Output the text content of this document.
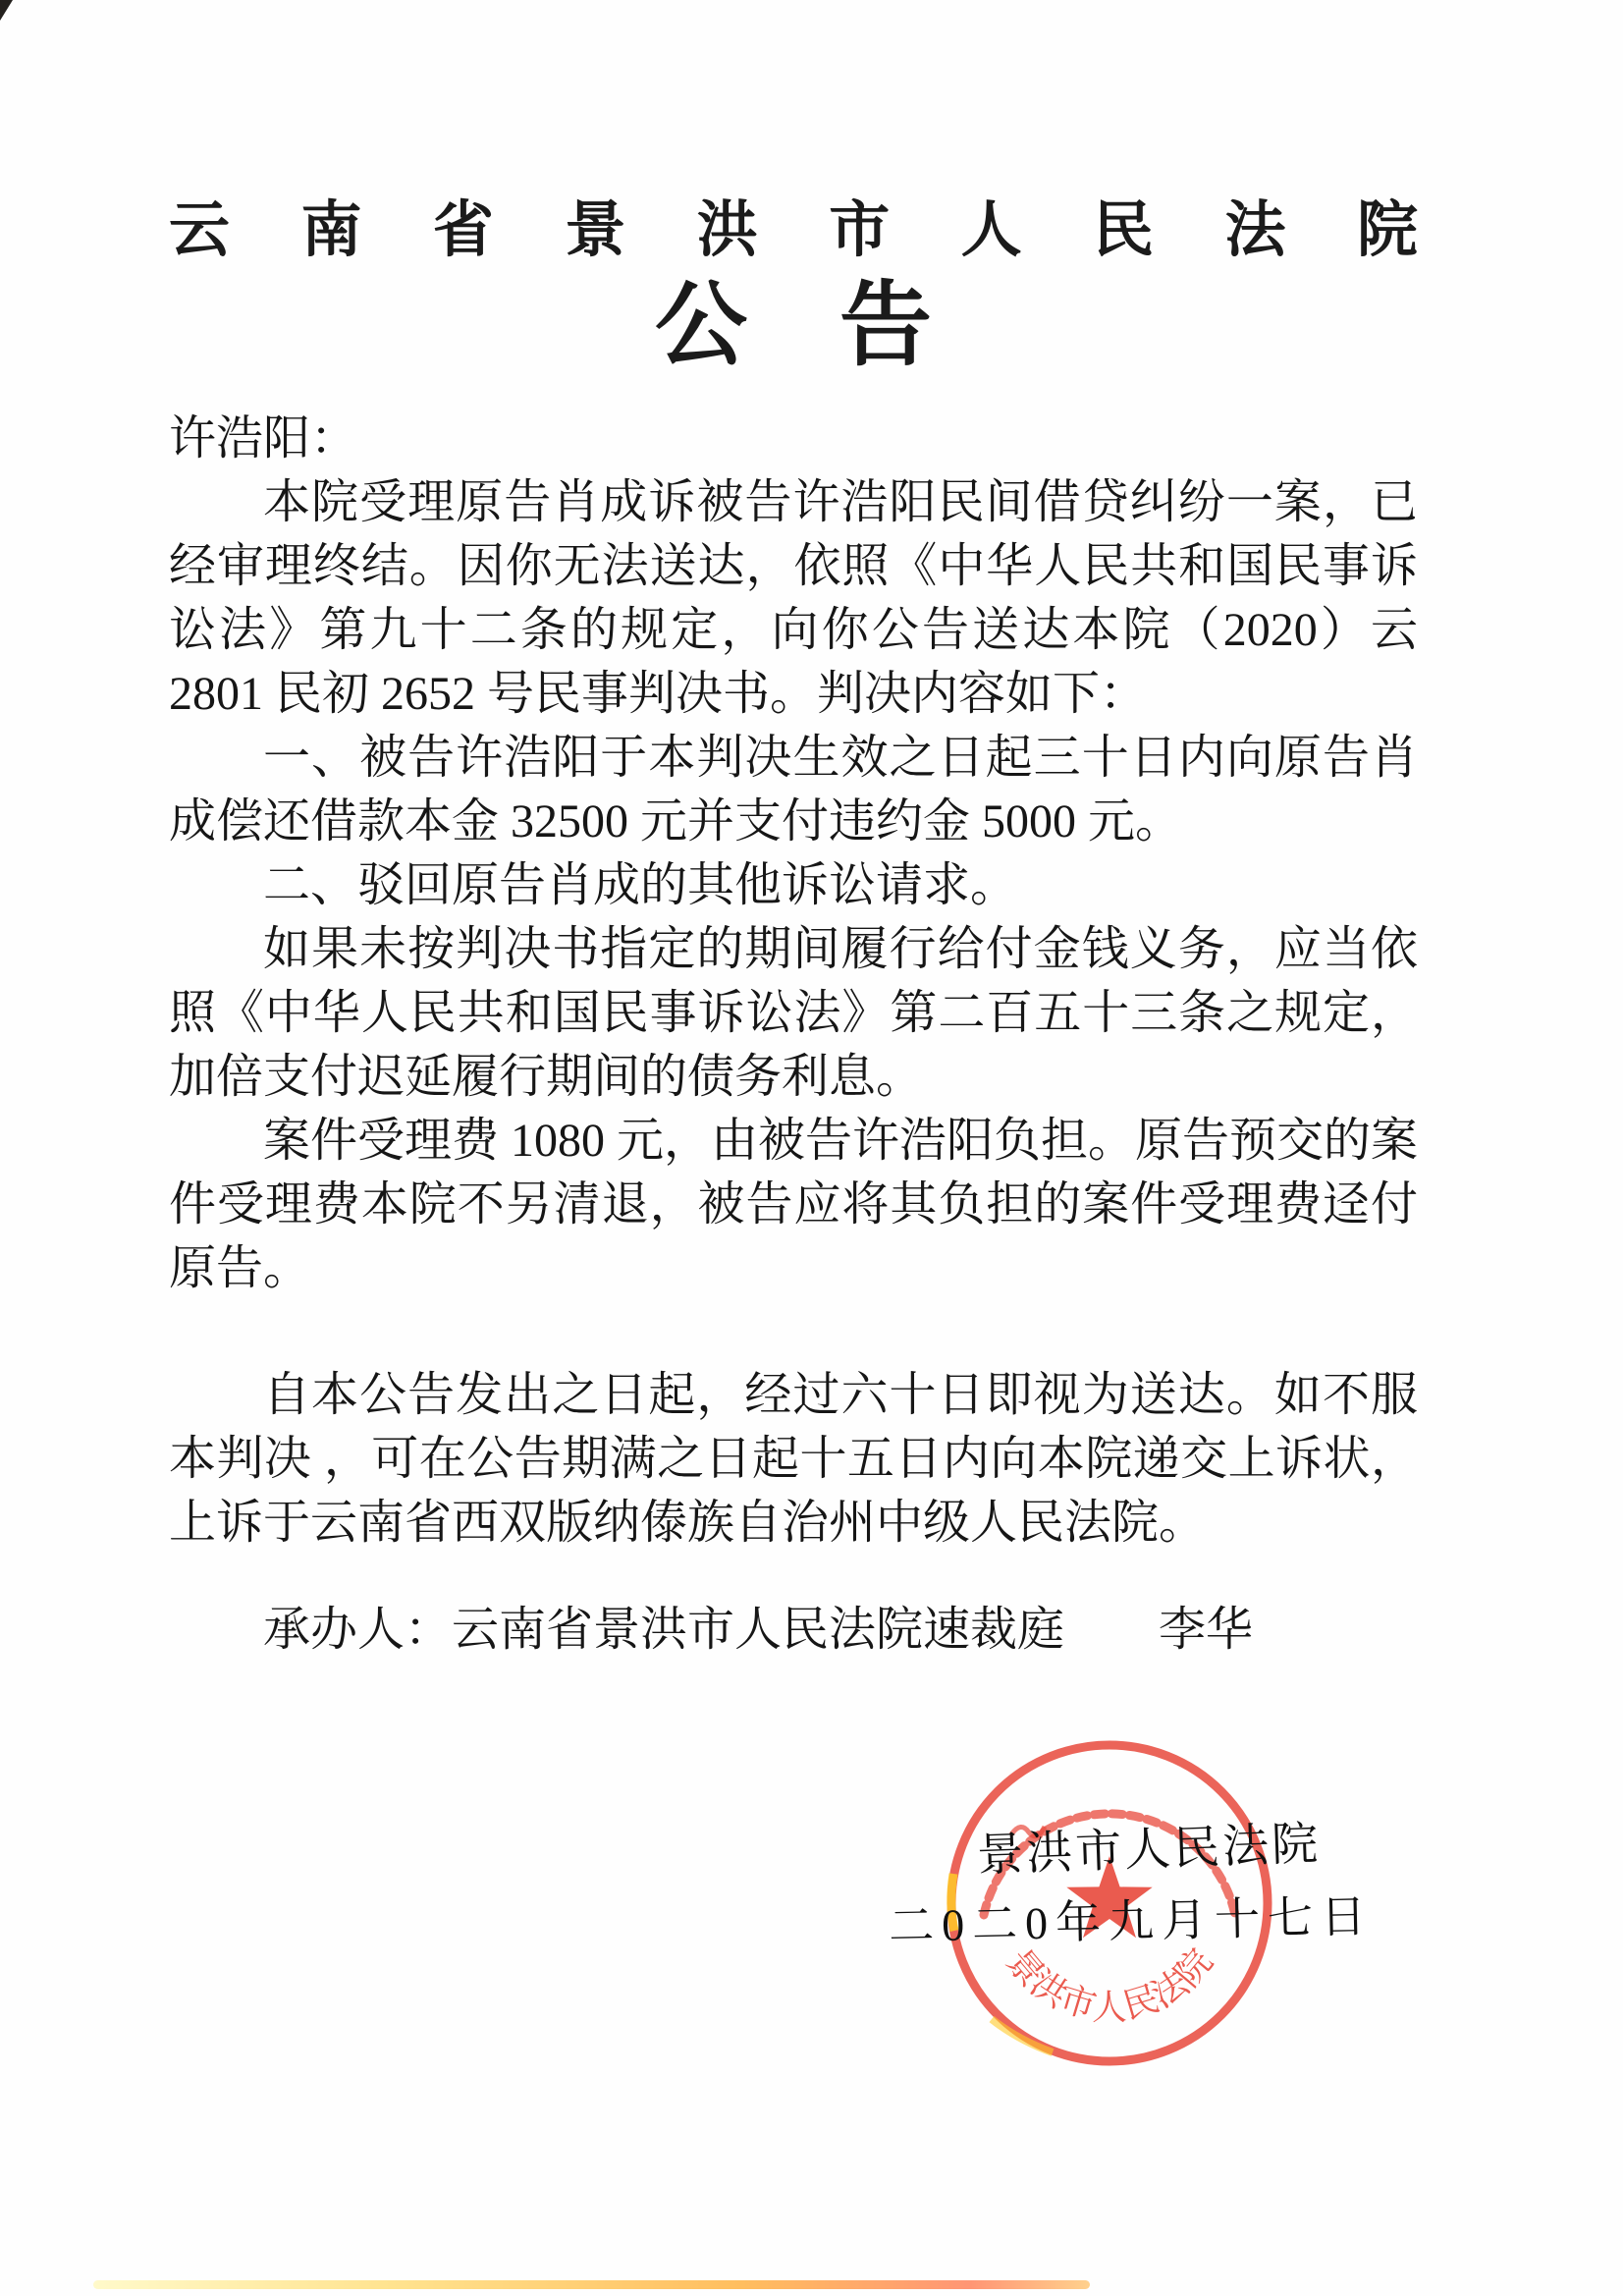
云南省景洪市人民法院
公　告
许浩阳：

本院受理原告肖成诉被告许浩阳民间借贷纠纷一案，已经审理终结。因你无法送达，依照《中华人民共和国民事诉讼法》第九十二条的规定，向你公告送达本院（2020）云 2801 民初 2652 号民事判决书。判决内容如下：

一、被告许浩阳于本判决生效之日起三十日内向原告肖成偿还借款本金 32500 元并支付违约金 5000 元。

二、驳回原告肖成的其他诉讼请求。

如果未按判决书指定的期间履行给付金钱义务，应当依照《中华人民共和国民事诉讼法》第二百五十三条之规定，加倍支付迟延履行期间的债务利息。

案件受理费 1080 元，由被告许浩阳负担。原告预交的案件受理费本院不另清退，被告应将其负担的案件受理费迳付原告。

自本公告发出之日起，经过六十日即视为送达。如不服本判决 ，可在公告期满之日起十五日内向本院递交上诉状，上诉于云南省西双版纳傣族自治州中级人民法院。

承办人：云南省景洪市人民法院速裁庭　　李华

景洪市人民法院
景洪市人民法院
二0二0年九月十七日
